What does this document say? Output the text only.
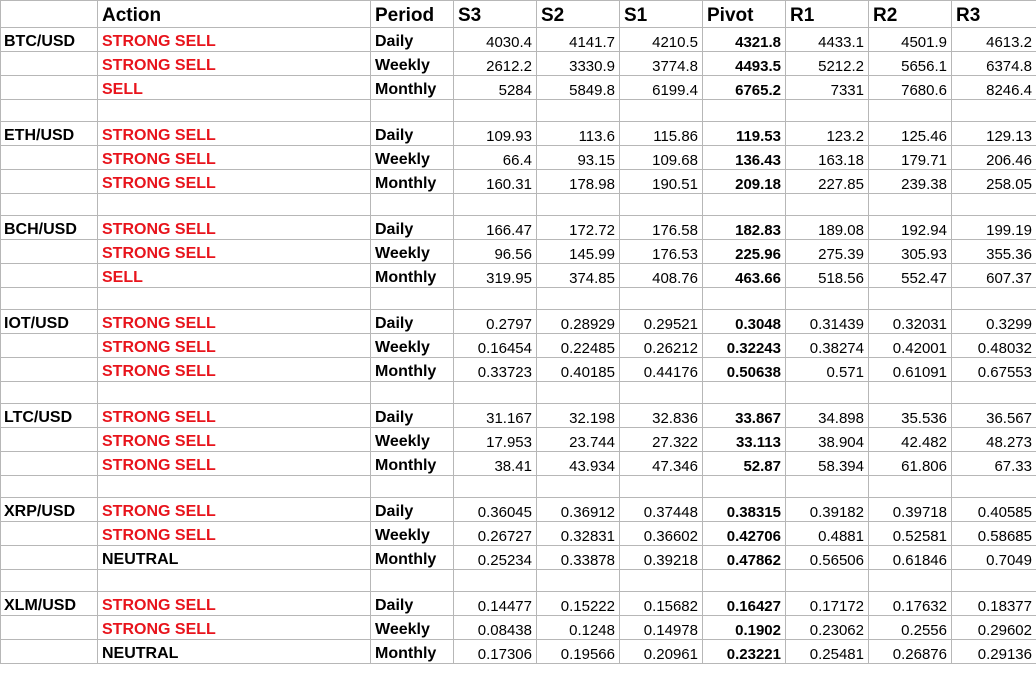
	Action	Period	S3	S2	S1	Pivot	R1	R2	R3
BTC/USD	STRONG SELL	Daily	4030.4	4141.7	4210.5	4321.8	4433.1	4501.9	4613.2
	STRONG SELL	Weekly	2612.2	3330.9	3774.8	4493.5	5212.2	5656.1	6374.8
	SELL	Monthly	5284	5849.8	6199.4	6765.2	7331	7680.6	8246.4

ETH/USD	STRONG SELL	Daily	109.93	113.6	115.86	119.53	123.2	125.46	129.13
	STRONG SELL	Weekly	66.4	93.15	109.68	136.43	163.18	179.71	206.46
	STRONG SELL	Monthly	160.31	178.98	190.51	209.18	227.85	239.38	258.05

BCH/USD	STRONG SELL	Daily	166.47	172.72	176.58	182.83	189.08	192.94	199.19
	STRONG SELL	Weekly	96.56	145.99	176.53	225.96	275.39	305.93	355.36
	SELL	Monthly	319.95	374.85	408.76	463.66	518.56	552.47	607.37

IOT/USD	STRONG SELL	Daily	0.2797	0.28929	0.29521	0.3048	0.31439	0.32031	0.3299
	STRONG SELL	Weekly	0.16454	0.22485	0.26212	0.32243	0.38274	0.42001	0.48032
	STRONG SELL	Monthly	0.33723	0.40185	0.44176	0.50638	0.571	0.61091	0.67553

LTC/USD	STRONG SELL	Daily	31.167	32.198	32.836	33.867	34.898	35.536	36.567
	STRONG SELL	Weekly	17.953	23.744	27.322	33.113	38.904	42.482	48.273
	STRONG SELL	Monthly	38.41	43.934	47.346	52.87	58.394	61.806	67.33

XRP/USD	STRONG SELL	Daily	0.36045	0.36912	0.37448	0.38315	0.39182	0.39718	0.40585
	STRONG SELL	Weekly	0.26727	0.32831	0.36602	0.42706	0.4881	0.52581	0.58685
	NEUTRAL	Monthly	0.25234	0.33878	0.39218	0.47862	0.56506	0.61846	0.7049

XLM/USD	STRONG SELL	Daily	0.14477	0.15222	0.15682	0.16427	0.17172	0.17632	0.18377
	STRONG SELL	Weekly	0.08438	0.1248	0.14978	0.1902	0.23062	0.2556	0.29602
	NEUTRAL	Monthly	0.17306	0.19566	0.20961	0.23221	0.25481	0.26876	0.29136
